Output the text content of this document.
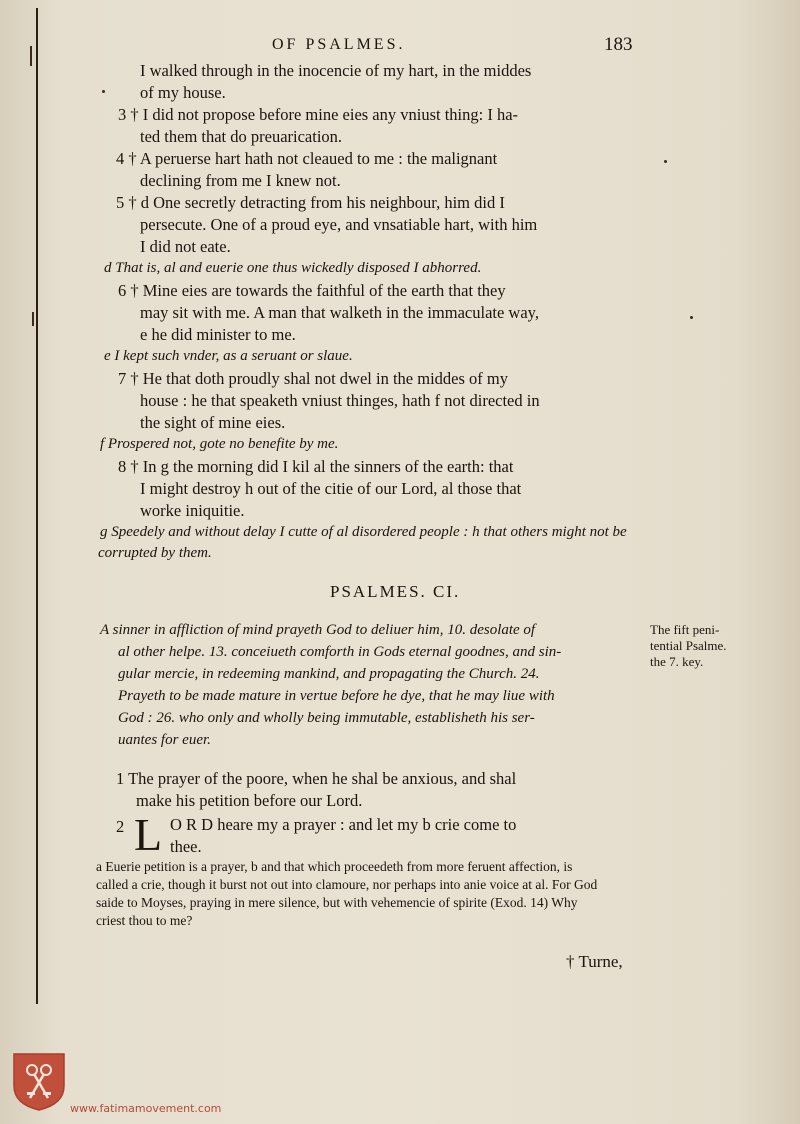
OF PSALMES.	183
I walked through in the inocencie of my hart, in the middes
of my house.
3 † I did not propose before mine eies any vniust thing: I ha-
ted them that do preuarication.
4 † A peruerse hart hath not cleaued to me : the malignant
declining from me I knew not.
5 † d One secretly detracting from his neighbour, him did I
persecute. One of a proud eye, and vnsatiable hart, with him
I did not eate.
d That is, al and euerie one thus wickedly disposed I abhorred.
6 † Mine eies are towards the faithful of the earth that they
may sit with me. A man that walketh in the immaculate way,
e he did minister to me.
e I kept such vnder, as a seruant or slaue.
7 † He that doth proudly shal not dwel in the middes of my
house : he that speaketh vniust thinges, hath f not directed in
the sight of mine eies.
f Prospered not, gote no benefite by me.
8 † In g the morning did I kil al the sinners of the earth: that
I might destroy h out of the citie of our Lord, al those that
worke iniquitie.
g Speedely and without delay I cutte of al disordered people : h that others might not be
corrupted by them.
PSALMES. CI.
A sinner in affliction of mind prayeth God to deliuer him, 10. desolate of
al other helpe. 13. conceiueth comforth in Gods eternal goodnes, and sin-
gular mercie, in redeeming mankind, and propagating the Church. 24.
Prayeth to be made mature in vertue before he dye, that he may liue with
God : 26. who only and wholly being immutable, establisheth his ser-
uantes for euer.
The fift peni-
tential Psalme.
the 7. key.
1 The prayer of the poore, when he shal be anxious, and shal
make his petition before our Lord.
2 L O R D heare my a prayer : and let my b crie come to
thee.
a Euerie petition is a prayer, b and that which proceedeth from more feruent affection, is
called a crie, though it burst not out into clamoure, nor perhaps into anie voice at al. For God
saide to Moyses, praying in mere silence, but with vehemencie of spirite (Exod. 14) Why
criest thou to me?
† Turne,
www.fatimamovement.com
